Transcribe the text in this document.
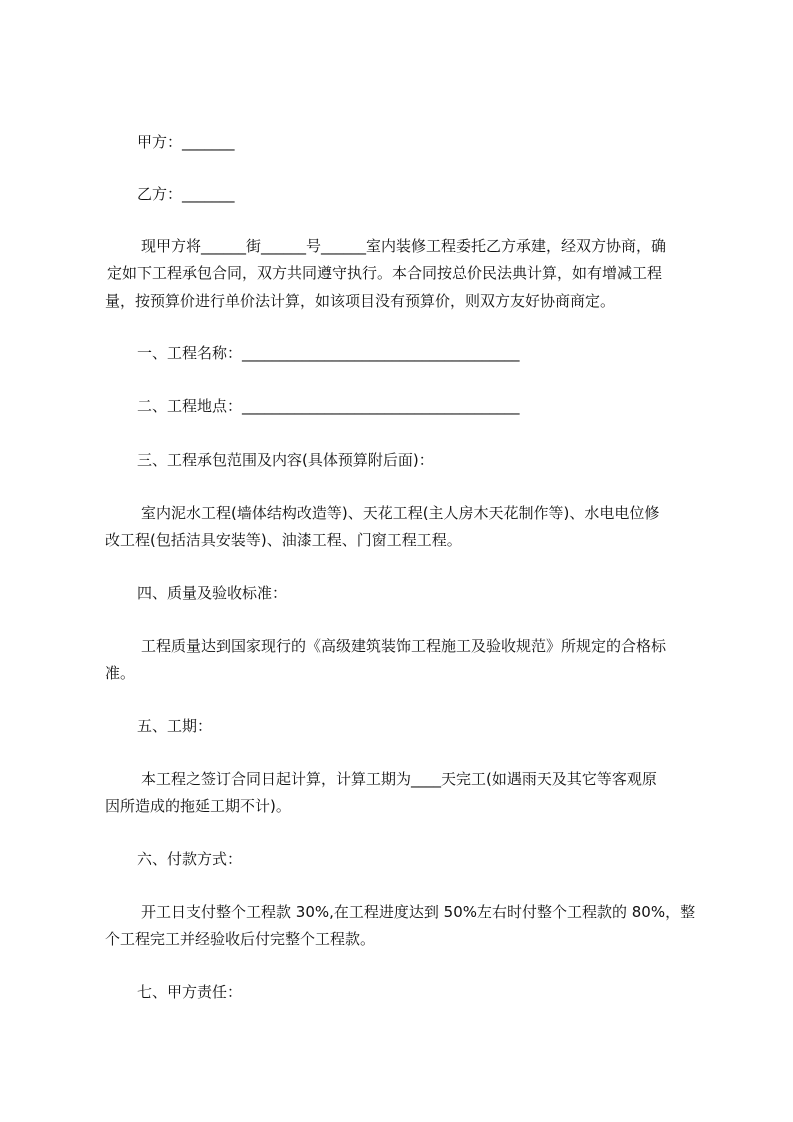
甲方：_______
乙方：_______
现甲方将______街______号______室内装修工程委托乙方承建，经双方协商，确
定如下工程承包合同，双方共同遵守执行。本合同按总价民法典计算，如有增减工程
量，按预算价进行单价法计算，如该项目没有预算价，则双方友好协商商定。
一、工程名称：_____________________________________
二、工程地点：_____________________________________
三、工程承包范围及内容(具体预算附后面)：
室内泥水工程(墙体结构改造等)、天花工程(主人房木天花制作等)、水电电位修
改工程(包括洁具安装等)、油漆工程、门窗工程工程。
四、质量及验收标准：
工程质量达到国家现行的《高级建筑装饰工程施工及验收规范》所规定的合格标
准。
五、工期：
本工程之签订合同日起计算，计算工期为____天完工(如遇雨天及其它等客观原
因所造成的拖延工期不计)。
六、付款方式：
开工日支付整个工程款 30%,在工程进度达到 50%左右时付整个工程款的 80%，整
个工程完工并经验收后付完整个工程款。
七、甲方责任：
